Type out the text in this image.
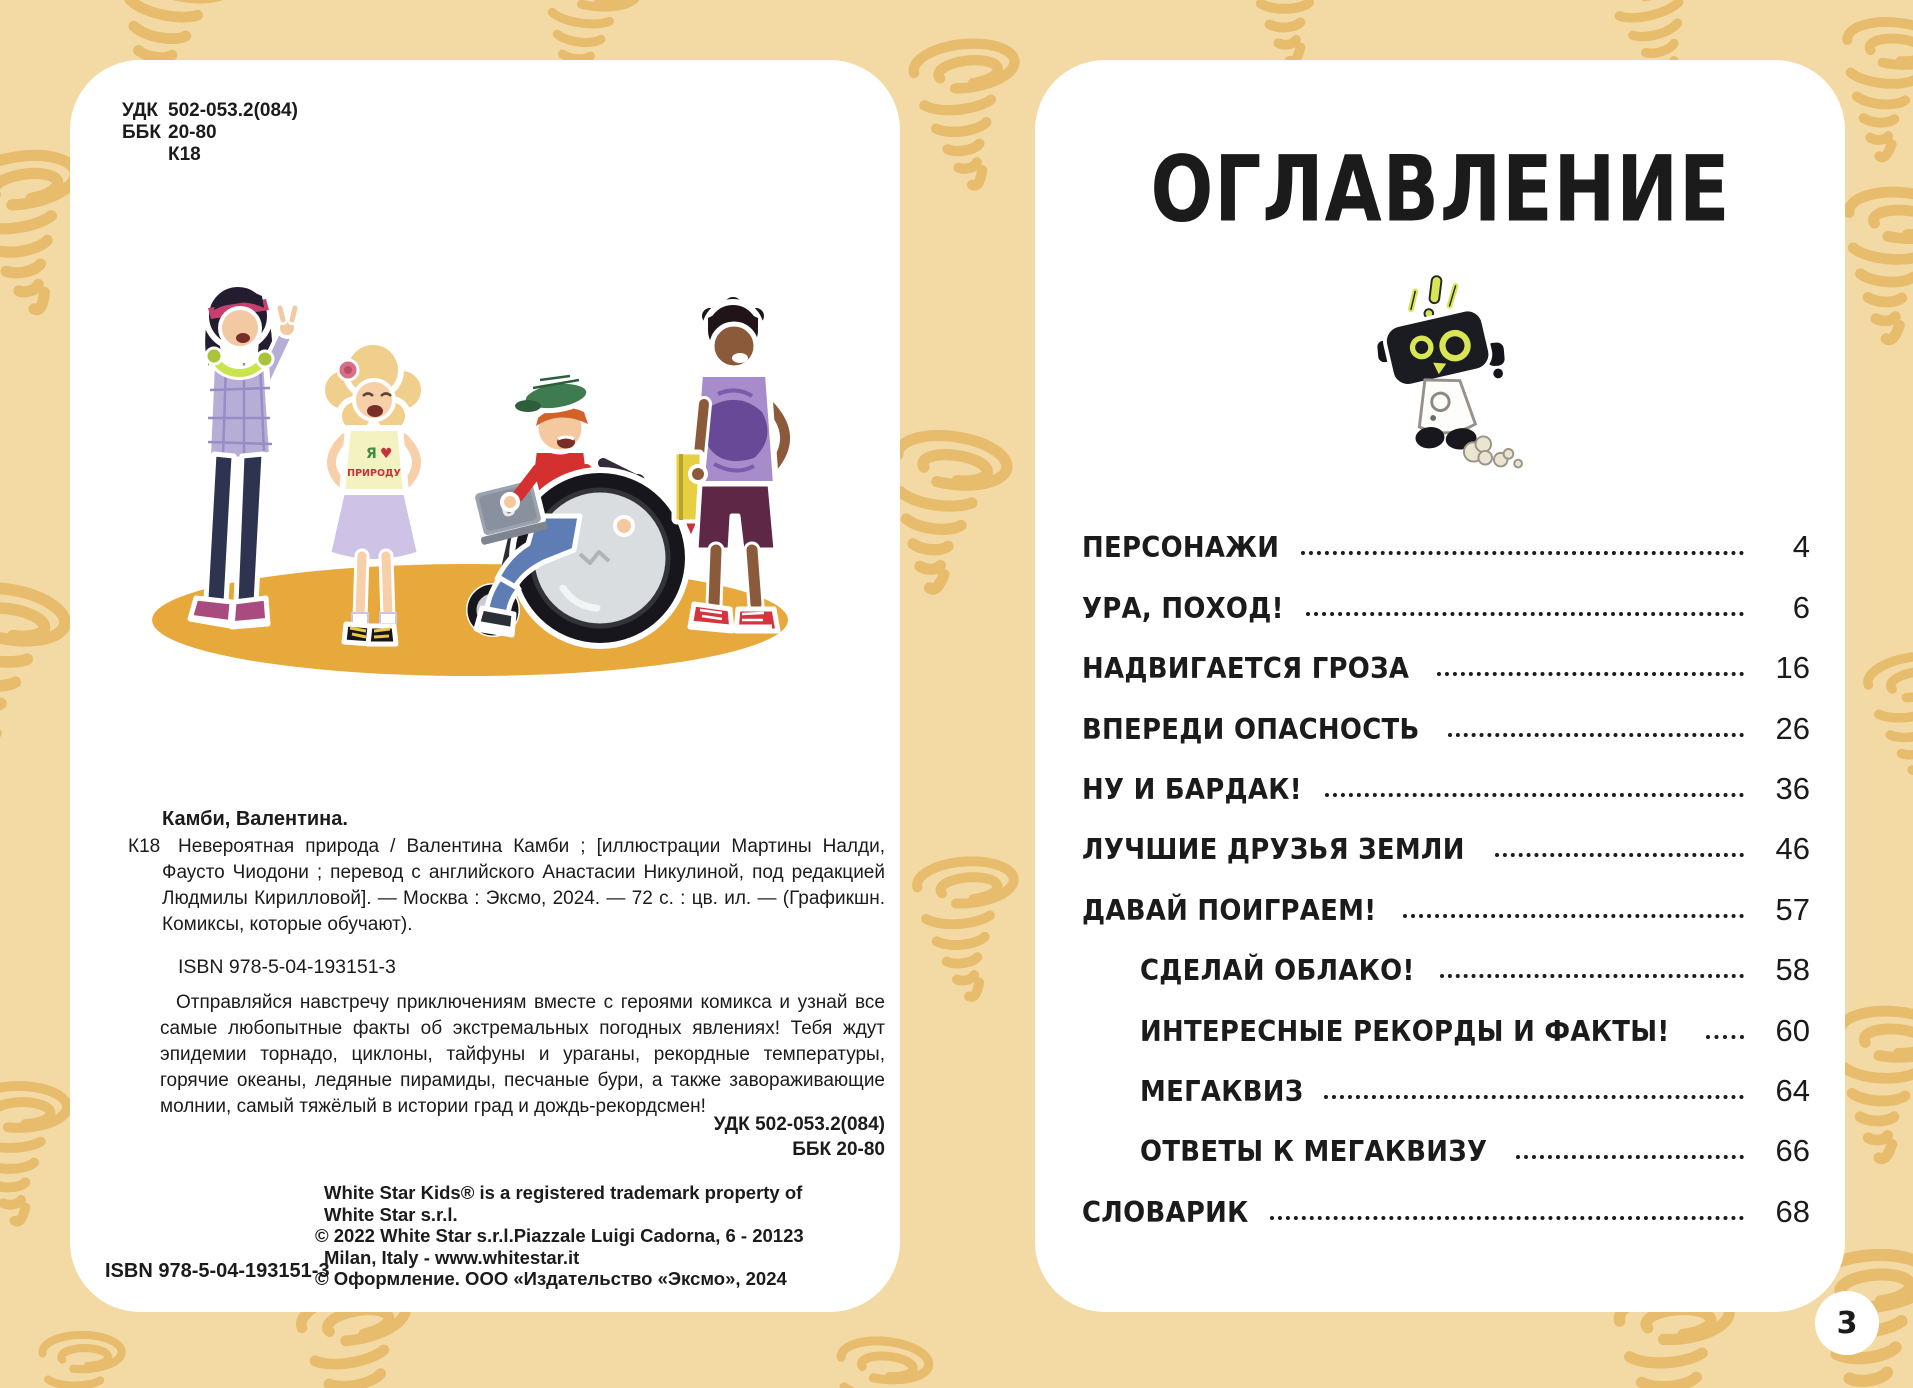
УДК	502-053.2(084)
ББК	20-80
	К18
Я ♥
ПРИРОДУ
Камби, Валентина.
К18 Невероятная природа / Валентина Камби ; [иллюстрации Мартины Налди, Фаусто Чиодони ; перевод с английского Анастасии Никулиной, под редакцией Людмилы Кирилловой]. — Москва : Эксмо, 2024. — 72 с. : цв. ил. — (Графикшн. Комиксы, которые обучают).
ISBN 978-5-04-193151-3
Отправляйся навстречу приключениям вместе с героями комикса и узнай все самые любопытные факты об экстремальных погодных явлениях! Тебя ждут эпидемии торнадо, циклоны, тайфуны и ураганы, рекордные температуры, горячие океаны, ледяные пирамиды, песчаные бури, а также завораживающие молнии, самый тяжёлый в истории град и дождь-рекордсмен!
УДК 502-053.2(084)
ББК 20-80
White Star Kids® is a registered trademark property of
White Star s.r.l.
© 2022 White Star s.r.l.Piazzale Luigi Cadorna, 6 - 20123
Milan, Italy - www.whitestar.it
© Оформление. ООО «Издательство «Эксмо», 2024
ISBN 978-5-04-193151-3
ОГЛАВЛЕНИЕ
ПЕРСОНАЖИ	4
УРА, ПОХОД!	6
НАДВИГАЕТСЯ ГРОЗА	16
ВПЕРЕДИ ОПАСНОСТЬ	26
НУ И БАРДАК!	36
ЛУЧШИЕ ДРУЗЬЯ ЗЕМЛИ	46
ДАВАЙ ПОИГРАЕМ!	57
СДЕЛАЙ ОБЛАКО!	58
ИНТЕРЕСНЫЕ РЕКОРДЫ И ФАКТЫ!	60
МЕГАКВИЗ	64
ОТВЕТЫ К МЕГАКВИЗУ	66
СЛОВАРИК	68
3
